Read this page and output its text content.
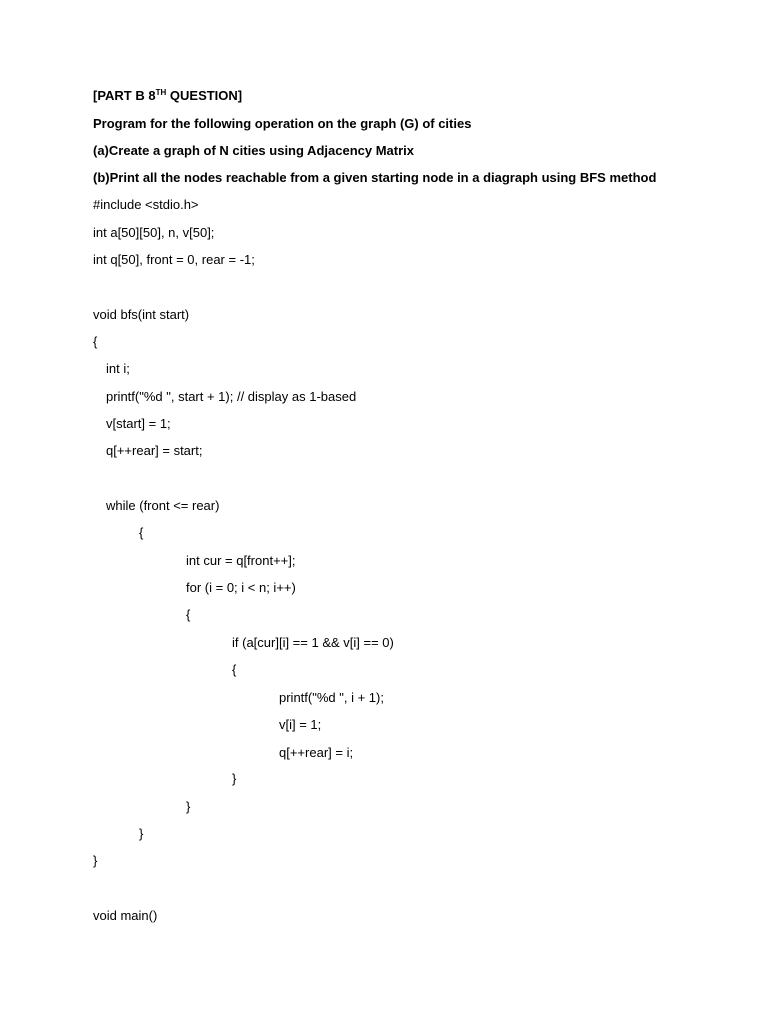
[PART B 8TH QUESTION]
Program for the following operation on the graph (G) of cities
(a)Create a graph of N cities using Adjacency Matrix
(b)Print all the nodes reachable from a given starting node in a diagraph using BFS method
#include <stdio.h>
int a[50][50], n, v[50];
int q[50], front = 0, rear = -1;
void bfs(int start)
{
int i;
printf("%d ", start + 1); // display as 1-based
v[start] = 1;
q[++rear] = start;
while (front <= rear)
{
int cur = q[front++];
for (i = 0; i < n; i++)
{
if (a[cur][i] == 1 && v[i] == 0)
{
printf("%d ", i + 1);
v[i] = 1;
q[++rear] = i;
}
}
}
}
void main()
